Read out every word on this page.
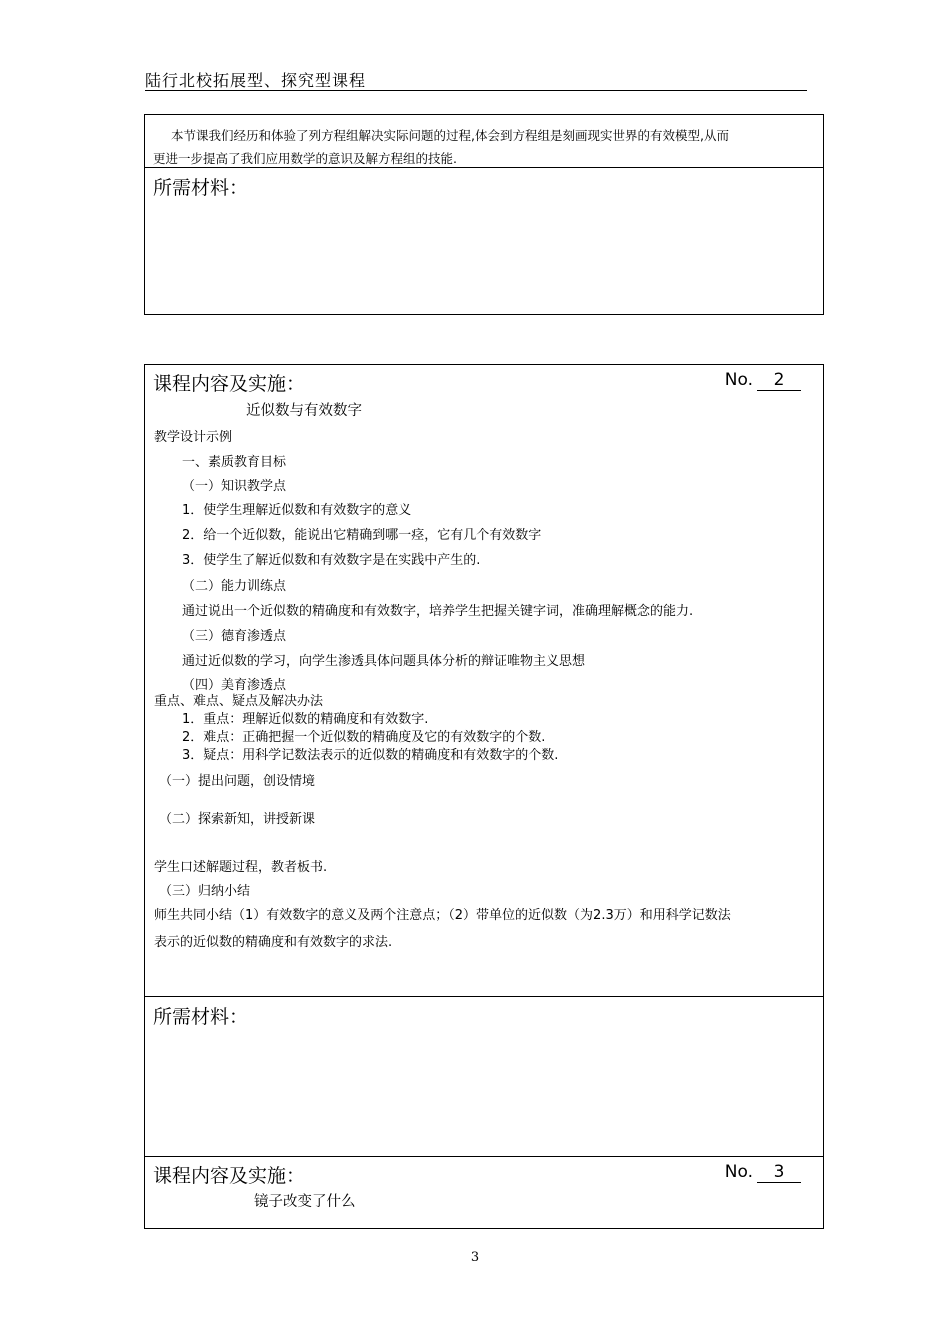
陆行北校拓展型、探究型课程
本节课我们经历和体验了列方程组解决实际问题的过程,体会到方程组是刻画现实世界的有效模型,从而
更进一步提高了我们应用数学的意识及解方程组的技能.
所需材料：
课程内容及实施：	No. 2
近似数与有效数字
教学设计示例
一、素质教育目标
（一）知识教学点
1．使学生理解近似数和有效数字的意义
2．给一个近似数，能说出它精确到哪一痉，它有几个有效数字
3．使学生了解近似数和有效数字是在实践中产生的.
（二）能力训练点
通过说出一个近似数的精确度和有效数字，培养学生把握关键字词，准确理解概念的能力.
（三）德育渗透点
通过近似数的学习，向学生渗透具体问题具体分析的辩证唯物主义思想
（四）美育渗透点
重点、难点、疑点及解决办法
1．重点：理解近似数的精确度和有效数字.
2．难点：正确把握一个近似数的精确度及它的有效数字的个数.
3．疑点：用科学记数法表示的近似数的精确度和有效数字的个数.
（一）提出问题，创设情境
（二）探索新知，讲授新课
学生口述解题过程，教者板书.
（三）归纳小结
师生共同小结（1）有效数字的意义及两个注意点；（2）带单位的近似数（为2.3万）和用科学记数法
表示的近似数的精确度和有效数字的求法.
所需材料：
课程内容及实施：	No. 3
镜子改变了什么
3
